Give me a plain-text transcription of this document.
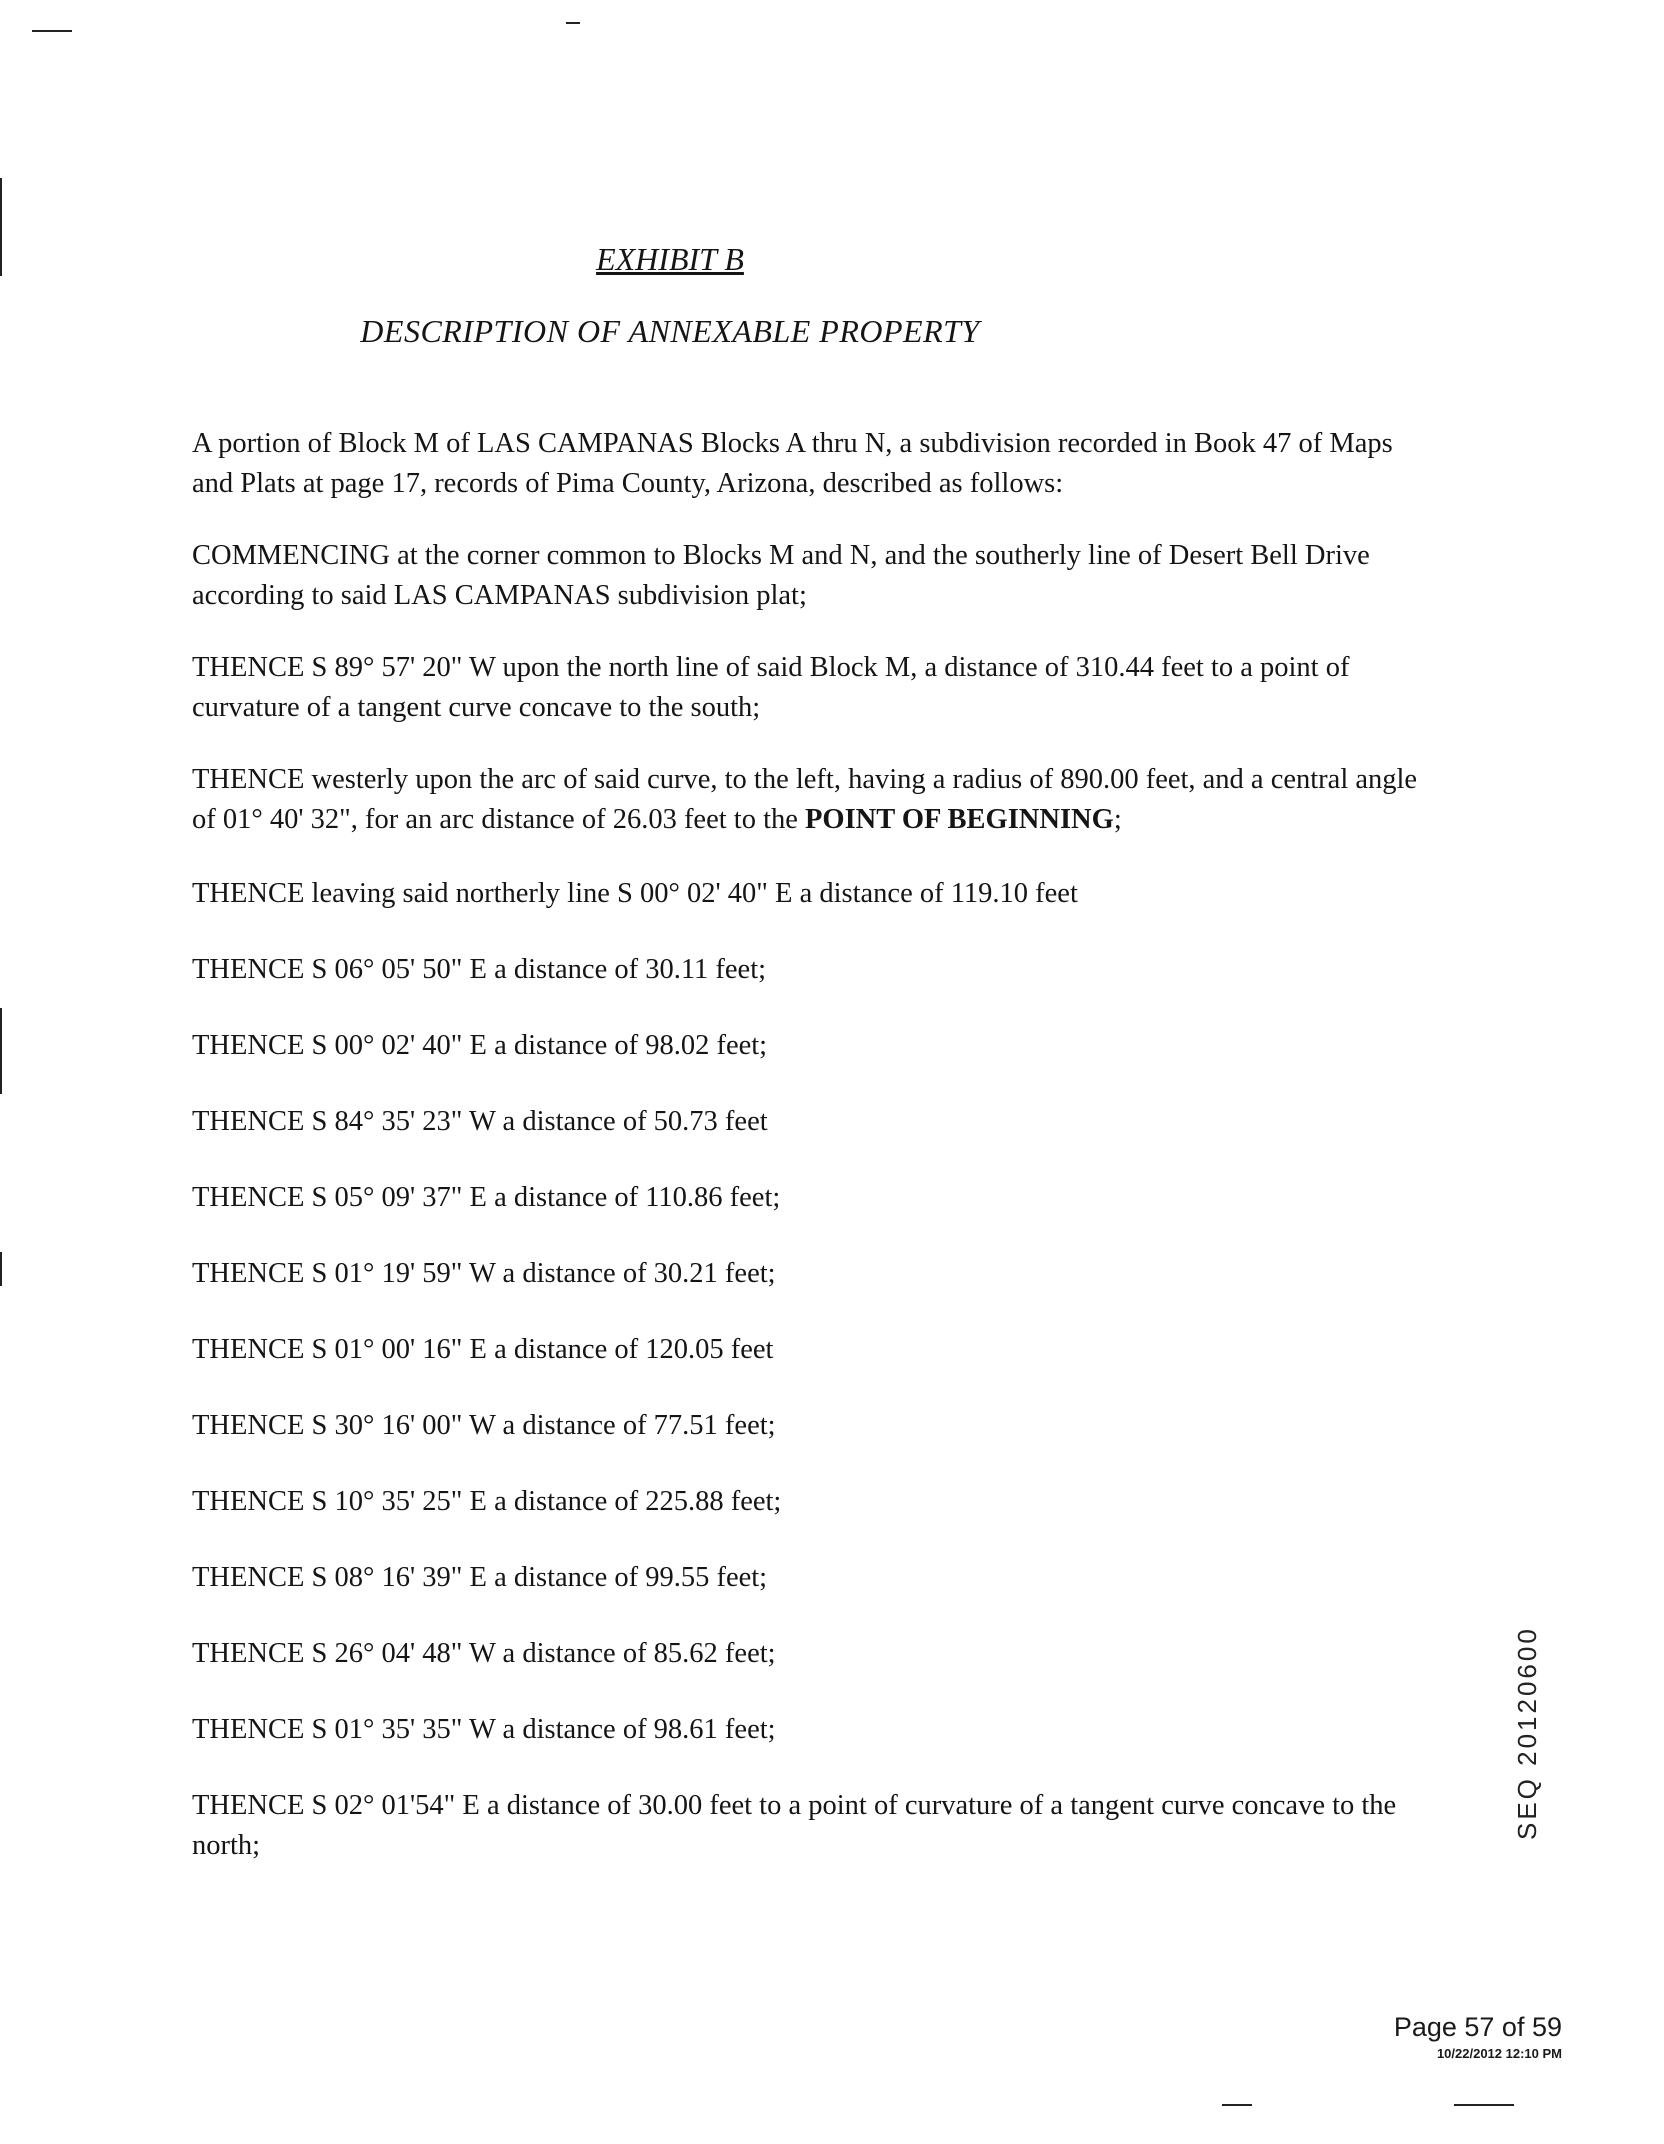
EXHIBIT B
DESCRIPTION OF ANNEXABLE PROPERTY

A portion of Block M of LAS CAMPANAS Blocks A thru N, a subdivision recorded in Book 47 of Maps and Plats at page 17, records of Pima County, Arizona, described as follows:

COMMENCING at the corner common to Blocks M and N, and the southerly line of Desert Bell Drive according to said LAS CAMPANAS subdivision plat;

THENCE S 89° 57' 20" W upon the north line of said Block M, a distance of 310.44 feet to a point of curvature of a tangent curve concave to the south;

THENCE westerly upon the arc of said curve, to the left, having a radius of 890.00 feet, and a central angle of 01° 40' 32", for an arc distance of 26.03 feet to the POINT OF BEGINNING;

THENCE leaving said northerly line S 00° 02' 40" E a distance of 119.10 feet

THENCE S 06° 05' 50" E a distance of 30.11 feet;

THENCE S 00° 02' 40" E a distance of 98.02 feet;

THENCE S 84° 35' 23" W a distance of 50.73 feet

THENCE S 05° 09' 37" E a distance of 110.86 feet;

THENCE S 01° 19' 59" W a distance of 30.21 feet;

THENCE S 01° 00' 16" E a distance of 120.05 feet

THENCE S 30° 16' 00" W a distance of 77.51 feet;

THENCE S 10° 35' 25" E a distance of 225.88 feet;

THENCE S 08° 16' 39" E a distance of 99.55 feet;

THENCE S 26° 04' 48" W a distance of 85.62 feet;

THENCE S 01° 35' 35" W a distance of 98.61 feet;

THENCE S 02° 01'54" E a distance of 30.00 feet to a point of curvature of a tangent curve concave to the north;

SEQ 20120600
Page 57 of 59
10/22/2012 12:10 PM
